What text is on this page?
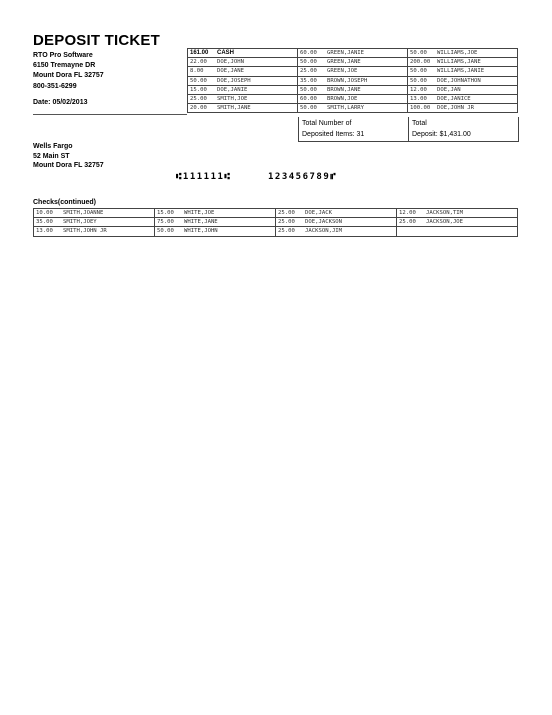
DEPOSIT TICKET
RTO Pro Software
6150 Tremayne DR
Mount Dora FL 32757
800-351-6299
Date: 05/02/2013
161.00 CASH	60.00 GREEN,JANIE	50.00 WILLIAMS,JOE
22.00 DOE,JOHN	50.00 GREEN,JANE	200.00 WILLIAMS,JANE
8.00 DOE,JANE	25.00 GREEN,JOE	50.00 WILLIAMS,JANIE
50.00 DOE,JOSEPH	35.00 BROWN,JOSEPH	50.00 DOE,JOHNATHON
15.00 DOE,JANIE	50.00 BROWN,JANE	12.00 DOE,JAN
25.00 SMITH,JOE	60.00 BROWN,JOE	13.00 DOE,JANICE
20.00 SMITH,JANE	50.00 SMITH,LARRY	100.00 DOE,JOHN JR
Total Number of
Deposited Items: 31

Total
Deposit: $1,431.00
Wells Fargo
52 Main ST
Mount Dora FL 32757
⑆111111⑆	123456789⑈
Checks(continued)
10.00 SMITH,JOANNE	15.00 WHITE,JOE	25.00 DOE,JACK	12.00 JACKSON,TIM
35.00 SMITH,JOEY	75.00 WHITE,JANE	25.00 DOE,JACKSON	25.00 JACKSON,JOE
13.00 SMITH,JOHN JR	50.00 WHITE,JOHN	25.00 JACKSON,JIM	
